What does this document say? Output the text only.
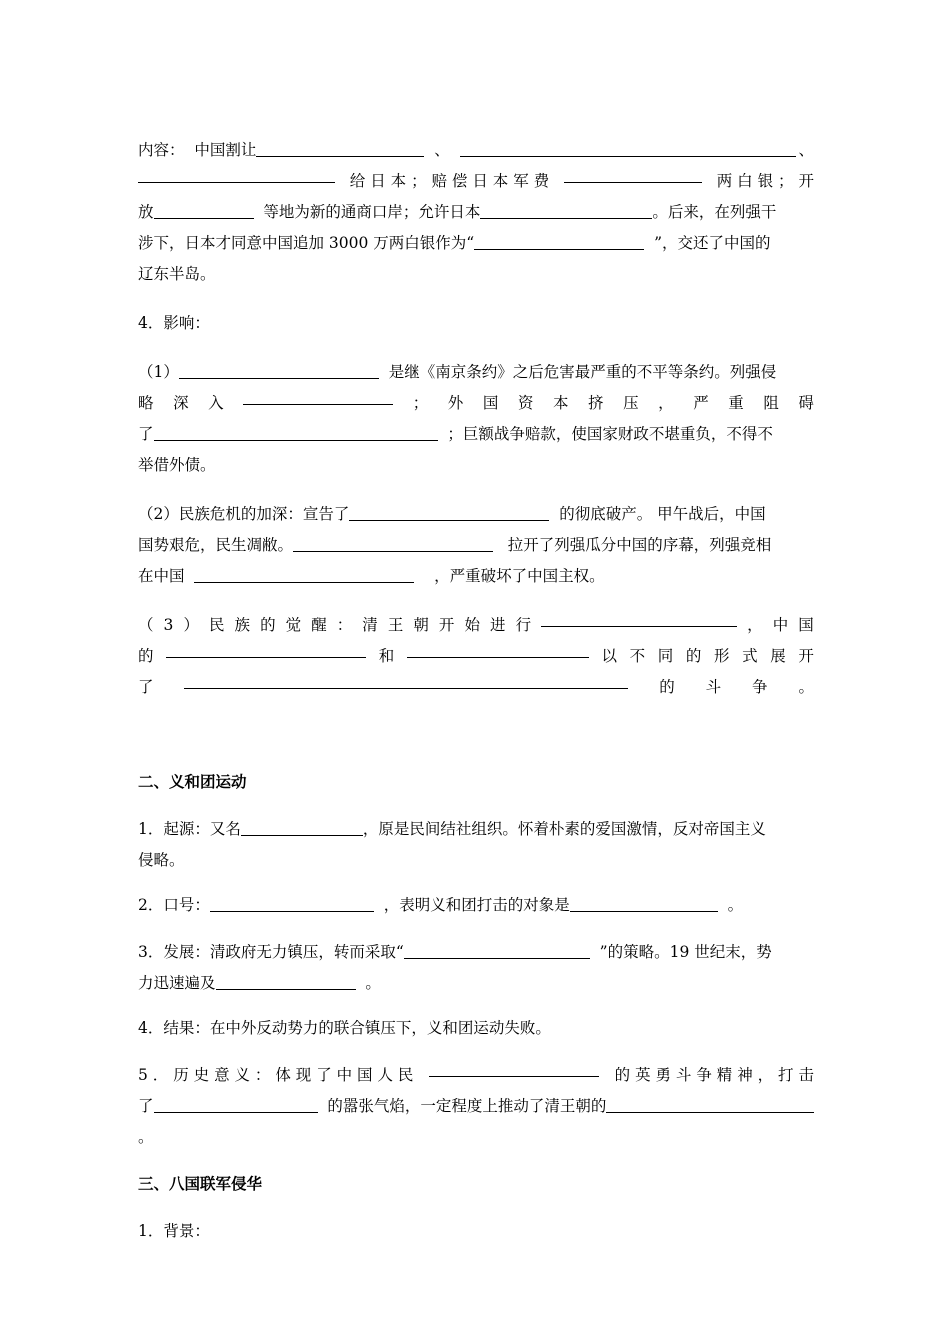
内容： 中国割让	、	、
给 日 本 ； 赔 偿 日 本 军 费	两 白 银 ； 开
放	等地为新的通商口岸；允许日本	。后来，在列强干
涉下，日本才同意中国追加 3000 万两白银作为“	”，交还了中国的
辽东半岛。
4．影响：
（1）	是继《南京条约》之后危害最严重的不平等条约。列强侵
略 深 入	； 外 国 资 本 挤 压 ， 严 重 阻 碍
了	；巨额战争赔款，使国家财政不堪重负，不得不
举借外债。
（2）民族危机的加深：宣告了	的彻底破产。 甲午战后，中国
国势艰危，民生凋敝。	拉开了列强瓜分中国的序幕，列强竞相
在中国	，严重破坏了中国主权。
（ 3 ） 民 族 的 觉 醒 ： 清 王 朝 开 始 进 行	， 中 国
的	和	以 不 同 的 形 式 展 开
了	的 斗 争 。
二、义和团运动
1．起源：又名	，原是民间结社组织。怀着朴素的爱国激情，反对帝国主义
侵略。
2．口号：	，表明义和团打击的对象是	。
3．发展：清政府无力镇压，转而采取“	”的策略。19 世纪末，势
力迅速遍及	。
4．结果：在中外反动势力的联合镇压下，义和团运动失败。
5 ． 历 史 意 义 ： 体 现 了 中 国 人 民	的 英 勇 斗 争 精 神 ， 打 击
了	的嚣张气焰，一定程度上推动了清王朝的
。
三、八国联军侵华
1．背景：
